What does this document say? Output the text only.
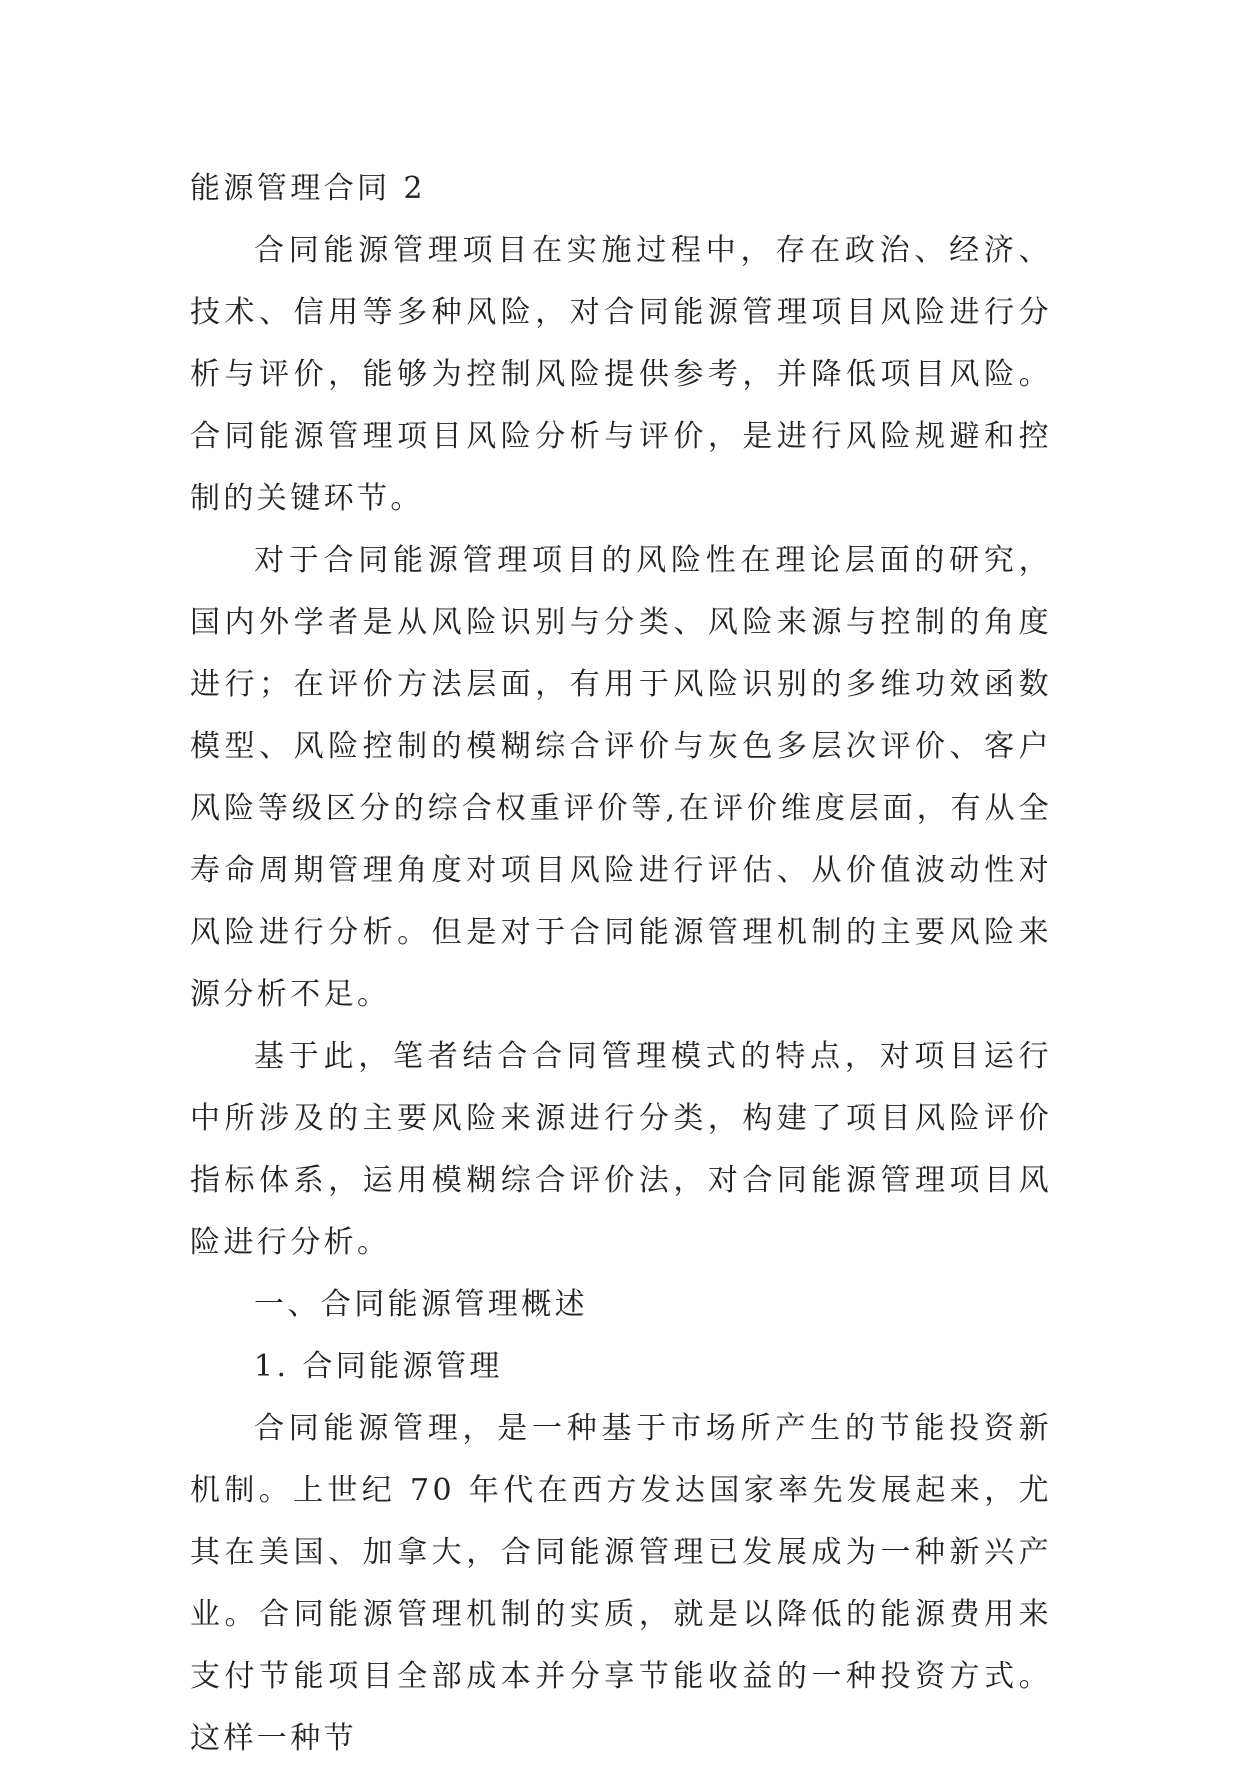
能源管理合同 2

合同能源管理项目在实施过程中，存在政治、经济、技术、信用等多种风险，对合同能源管理项目风险进行分析与评价，能够为控制风险提供参考，并降低项目风险。合同能源管理项目风险分析与评价，是进行风险规避和控制的关键环节。

对于合同能源管理项目的风险性在理论层面的研究，国内外学者是从风险识别与分类、风险来源与控制的角度进行；在评价方法层面，有用于风险识别的多维功效函数模型、风险控制的模糊综合评价与灰色多层次评价、客户风险等级区分的综合权重评价等,在评价维度层面，有从全寿命周期管理角度对项目风险进行评估、从价值波动性对风险进行分析。但是对于合同能源管理机制的主要风险来源分析不足。

基于此，笔者结合合同管理模式的特点，对项目运行中所涉及的主要风险来源进行分类，构建了项目风险评价指标体系，运用模糊综合评价法，对合同能源管理项目风险进行分析。

一、合同能源管理概述
1. 合同能源管理

合同能源管理，是一种基于市场所产生的节能投资新机制。上世纪 70 年代在西方发达国家率先发展起来，尤其在美国、加拿大，合同能源管理已发展成为一种新兴产业。合同能源管理机制的实质，就是以降低的能源费用来支付节能项目全部成本并分享节能收益的一种投资方式。这样一种节
